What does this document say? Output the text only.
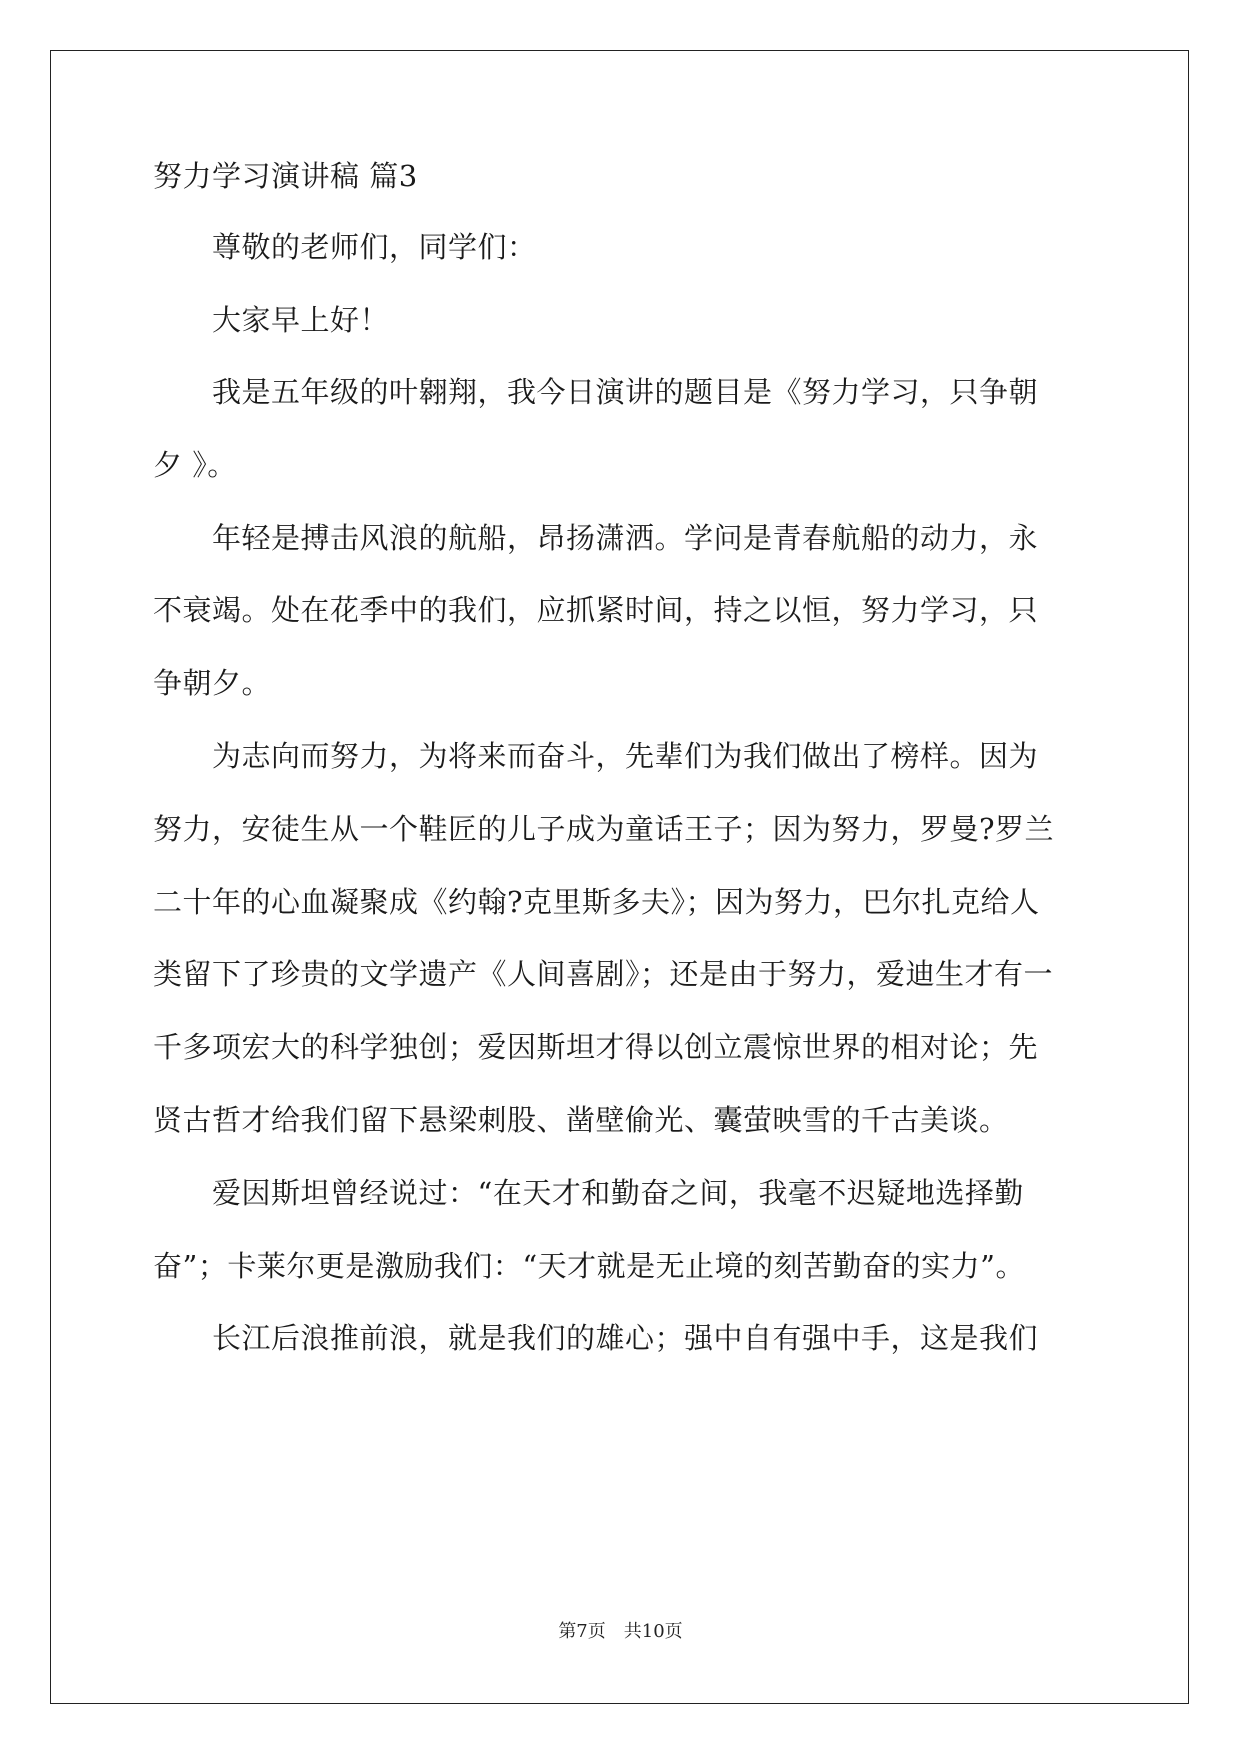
努力学习演讲稿 篇3
　　尊敬的老师们，同学们：
　　大家早上好！
　　我是五年级的叶翱翔，我今日演讲的题目是《努力学习，只争朝
夕 》。
　　年轻是搏击风浪的航船，昂扬潇洒。学问是青春航船的动力，永
不衰竭。处在花季中的我们，应抓紧时间，持之以恒，努力学习，只
争朝夕。
　　为志向而努力，为将来而奋斗，先辈们为我们做出了榜样。因为
努力，安徒生从一个鞋匠的儿子成为童话王子；因为努力，罗曼?罗兰
二十年的心血凝聚成《约翰?克里斯多夫》；因为努力，巴尔扎克给人
类留下了珍贵的文学遗产《人间喜剧》；还是由于努力，爱迪生才有一
千多项宏大的科学独创；爱因斯坦才得以创立震惊世界的相对论；先
贤古哲才给我们留下悬梁刺股、凿壁偷光、囊萤映雪的千古美谈。
　　爱因斯坦曾经说过：“在天才和勤奋之间，我毫不迟疑地选择勤
奋”；卡莱尔更是激励我们：“天才就是无止境的刻苦勤奋的实力”。
　　长江后浪推前浪，就是我们的雄心；强中自有强中手，这是我们
第7页　共10页
